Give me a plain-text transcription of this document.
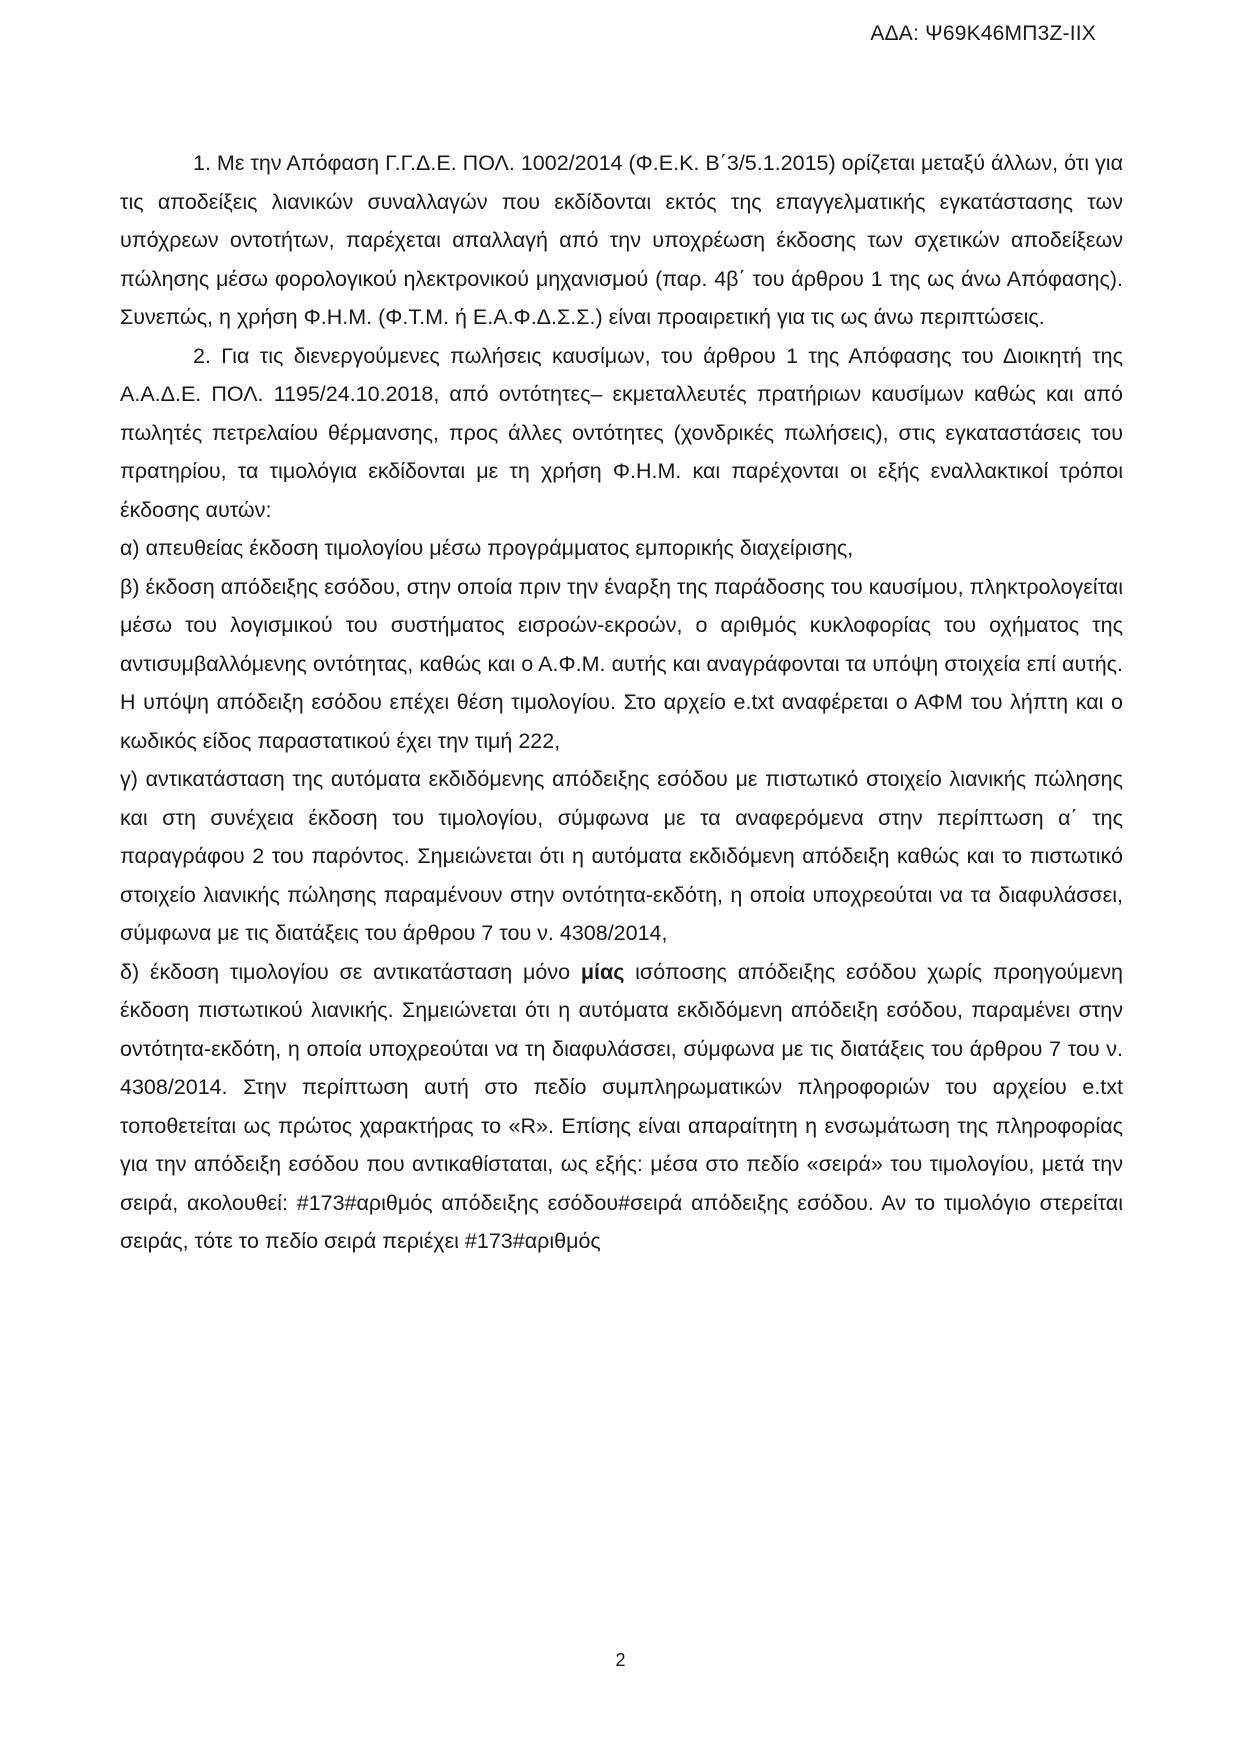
ΑΔΑ: Ψ69Κ46ΜΠ3Ζ-ΙΙΧ

1. Με την Απόφαση Γ.Γ.Δ.Ε. ΠΟΛ. 1002/2014 (Φ.Ε.Κ. Β΄3/5.1.2015) ορίζεται μεταξύ άλλων, ότι για τις αποδείξεις λιανικών συναλλαγών που εκδίδονται εκτός της επαγγελματικής εγκατάστασης των υπόχρεων οντοτήτων, παρέχεται απαλλαγή από την υποχρέωση έκδοσης των σχετικών αποδείξεων πώλησης μέσω φορολογικού ηλεκτρονικού μηχανισμού (παρ. 4β΄ του άρθρου 1 της ως άνω Απόφασης). Συνεπώς, η χρήση Φ.Η.Μ. (Φ.Τ.Μ. ή Ε.Α.Φ.Δ.Σ.Σ.) είναι προαιρετική για τις ως άνω περιπτώσεις.

2. Για τις διενεργούμενες πωλήσεις καυσίμων, του άρθρου 1 της Απόφασης του Διοικητή της Α.Α.Δ.Ε. ΠΟΛ. 1195/24.10.2018, από οντότητες– εκμεταλλευτές πρατήριων καυσίμων καθώς και από πωλητές πετρελαίου θέρμανσης, προς άλλες οντότητες (χονδρικές πωλήσεις), στις εγκαταστάσεις του πρατηρίου, τα τιμολόγια εκδίδονται με τη χρήση Φ.Η.Μ. και παρέχονται οι εξής εναλλακτικοί τρόποι έκδοσης αυτών:

α) απευθείας έκδοση τιμολογίου μέσω προγράμματος εμπορικής διαχείρισης,

β) έκδοση απόδειξης εσόδου, στην οποία πριν την έναρξη της παράδοσης του καυσίμου, πληκτρολογείται μέσω του λογισμικού του συστήματος εισροών-εκροών, ο αριθμός κυκλοφορίας του οχήματος της αντισυμβαλλόμενης οντότητας, καθώς και ο Α.Φ.Μ. αυτής και αναγράφονται τα υπόψη στοιχεία επί αυτής. Η υπόψη απόδειξη εσόδου επέχει θέση τιμολογίου. Στο αρχείο e.txt αναφέρεται ο ΑΦΜ του λήπτη και ο κωδικός είδος παραστατικού έχει την τιμή 222,

γ) αντικατάσταση της αυτόματα εκδιδόμενης απόδειξης εσόδου με πιστωτικό στοιχείο λιανικής πώλησης και στη συνέχεια έκδοση του τιμολογίου, σύμφωνα με τα αναφερόμενα στην περίπτωση α΄ της παραγράφου 2 του παρόντος. Σημειώνεται ότι η αυτόματα εκδιδόμενη απόδειξη καθώς και το πιστωτικό στοιχείο λιανικής πώλησης παραμένουν στην οντότητα-εκδότη, η οποία υποχρεούται να τα διαφυλάσσει, σύμφωνα με τις διατάξεις του άρθρου 7 του ν. 4308/2014,

δ) έκδοση τιμολογίου σε αντικατάσταση μόνο μίας ισόποσης απόδειξης εσόδου χωρίς προηγούμενη έκδοση πιστωτικού λιανικής. Σημειώνεται ότι η αυτόματα εκδιδόμενη απόδειξη εσόδου, παραμένει στην οντότητα-εκδότη, η οποία υποχρεούται να τη διαφυλάσσει, σύμφωνα με τις διατάξεις του άρθρου 7 του ν. 4308/2014. Στην περίπτωση αυτή στο πεδίο συμπληρωματικών πληροφοριών του αρχείου e.txt τοποθετείται ως πρώτος χαρακτήρας το «R». Επίσης είναι απαραίτητη η ενσωμάτωση της πληροφορίας για την απόδειξη εσόδου που αντικαθίσταται, ως εξής: μέσα στο πεδίο «σειρά» του τιμολογίου, μετά την σειρά, ακολουθεί: #173#αριθμός απόδειξης εσόδου#σειρά απόδειξης εσόδου. Αν το τιμολόγιο στερείται σειράς, τότε το πεδίο σειρά περιέχει #173#αριθμός

2
